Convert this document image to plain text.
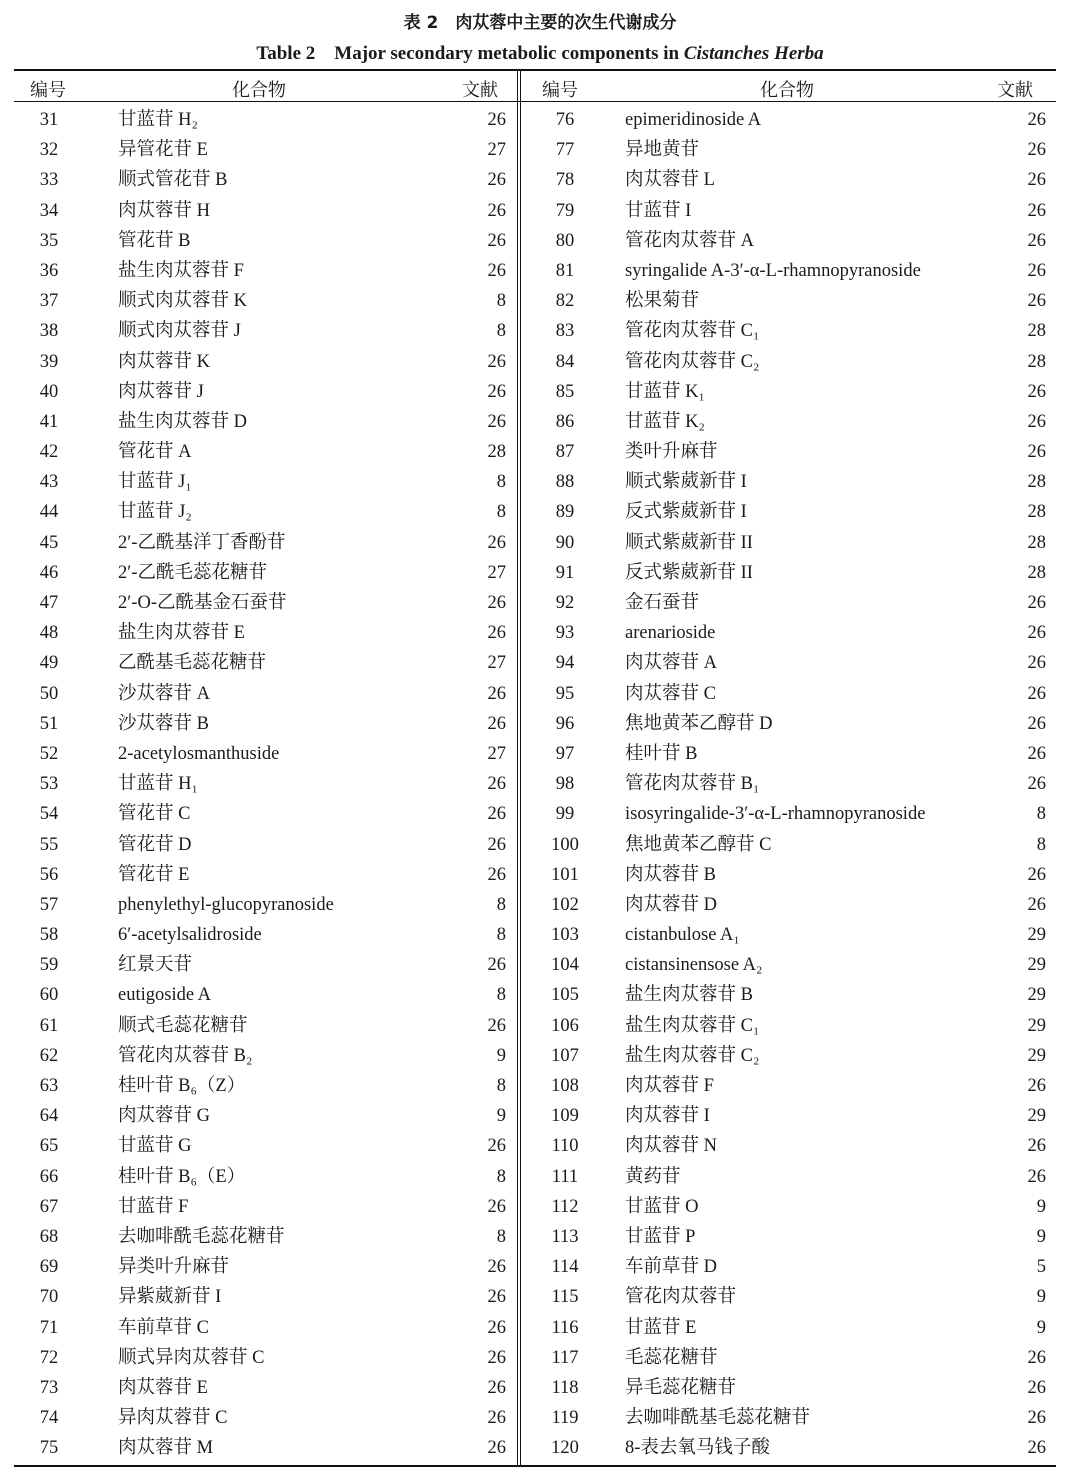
表 2　肉苁蓉中主要的次生代谢成分
Table 2　Major secondary metabolic components in Cistanches Herba
编号	化合物	文献 编号	化合物	文献
31	甘蓝苷 H₂	26
32	异管花苷 E	27
33	顺式管花苷 B	26
34	肉苁蓉苷 H	26
35	管花苷 B	26
36	盐生肉苁蓉苷 F	26
37	顺式肉苁蓉苷 K	8
38	顺式肉苁蓉苷 J	8
39	肉苁蓉苷 K	26
40	肉苁蓉苷 J	26
41	盐生肉苁蓉苷 D	26
42	管花苷 A	28
43	甘蓝苷 J₁	8
44	甘蓝苷 J₂	8
45	2′-乙酰基洋丁香酚苷	26
46	2′-乙酰毛蕊花糖苷	27
47	2′-O-乙酰基金石蚕苷	26
48	盐生肉苁蓉苷 E	26
49	乙酰基毛蕊花糖苷	27
50	沙苁蓉苷 A	26
51	沙苁蓉苷 B	26
52	2-acetylosmanthuside	27
53	甘蓝苷 H₁	26
54	管花苷 C	26
55	管花苷 D	26
56	管花苷 E	26
57	phenylethyl-glucopyranoside	8
58	6′-acetylsalidroside	8
59	红景天苷	26
60	eutigoside A	8
61	顺式毛蕊花糖苷	26
62	管花肉苁蓉苷 B₂	9
63	桂叶苷 B₆（Z）	8
64	肉苁蓉苷 G	9
65	甘蓝苷 G	26
66	桂叶苷 B₆（E）	8
67	甘蓝苷 F	26
68	去咖啡酰毛蕊花糖苷	8
69	异类叶升麻苷	26
70	异紫葳新苷 I	26
71	车前草苷 C	26
72	顺式异肉苁蓉苷 C	26
73	肉苁蓉苷 E	26
74	异肉苁蓉苷 C	26
75	肉苁蓉苷 M	26
76	epimeridinoside A	26
77	异地黄苷	26
78	肉苁蓉苷 L	26
79	甘蓝苷 I	26
80	管花肉苁蓉苷 A	26
81	syringalide A-3′-α-L-rhamnopyranoside	26
82	松果菊苷	26
83	管花肉苁蓉苷 C₁	28
84	管花肉苁蓉苷 C₂	28
85	甘蓝苷 K₁	26
86	甘蓝苷 K₂	26
87	类叶升麻苷	26
88	顺式紫葳新苷 I	28
89	反式紫葳新苷 I	28
90	顺式紫葳新苷 II	28
91	反式紫葳新苷 II	28
92	金石蚕苷	26
93	arenarioside	26
94	肉苁蓉苷 A	26
95	肉苁蓉苷 C	26
96	焦地黄苯乙醇苷 D	26
97	桂叶苷 B	26
98	管花肉苁蓉苷 B₁	26
99	isosyringalide-3′-α-L-rhamnopyranoside	8
100	焦地黄苯乙醇苷 C	8
101	肉苁蓉苷 B	26
102	肉苁蓉苷 D	26
103	cistanbulose A₁	29
104	cistansinensose A₂	29
105	盐生肉苁蓉苷 B	29
106	盐生肉苁蓉苷 C₁	29
107	盐生肉苁蓉苷 C₂	29
108	肉苁蓉苷 F	26
109	肉苁蓉苷 I	29
110	肉苁蓉苷 N	26
111	黄药苷	26
112	甘蓝苷 O	9
113	甘蓝苷 P	9
114	车前草苷 D	5
115	管花肉苁蓉苷	9
116	甘蓝苷 E	9
117	毛蕊花糖苷	26
118	异毛蕊花糖苷	26
119	去咖啡酰基毛蕊花糖苷	26
120	8-表去氧马钱子酸	26
